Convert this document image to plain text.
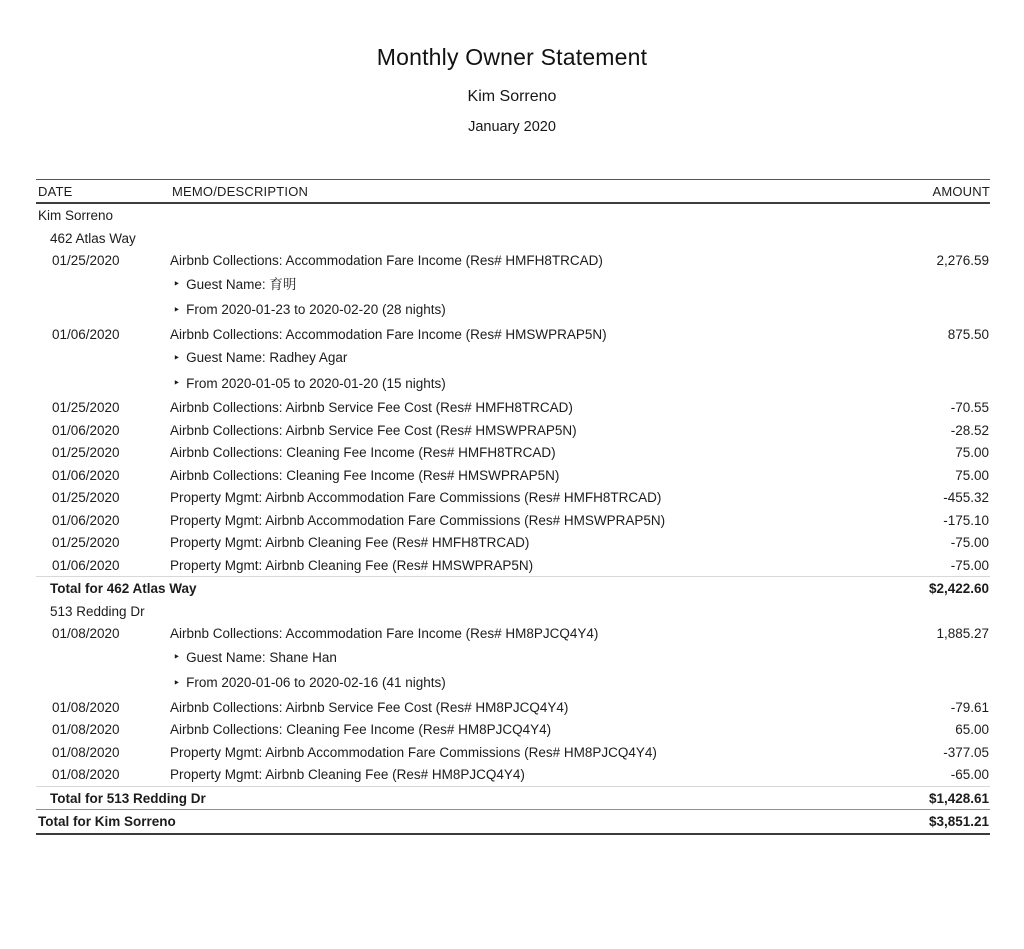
Monthly Owner Statement
Kim Sorreno
January 2020
DATE	MEMO/DESCRIPTION	AMOUNT
Kim Sorreno		
462 Atlas Way		
01/25/2020	Airbnb Collections: Accommodation Fare Income (Res# HMFH8TRCAD)	2,276.59
	‣ Guest Name: 育明	
	‣ From 2020-01-23 to 2020-02-20 (28 nights)	
01/06/2020	Airbnb Collections: Accommodation Fare Income (Res# HMSWPRAP5N)	875.50
	‣ Guest Name: Radhey Agar	
	‣ From 2020-01-05 to 2020-01-20 (15 nights)	
01/25/2020	Airbnb Collections: Airbnb Service Fee Cost (Res# HMFH8TRCAD)	-70.55
01/06/2020	Airbnb Collections: Airbnb Service Fee Cost (Res# HMSWPRAP5N)	-28.52
01/25/2020	Airbnb Collections: Cleaning Fee Income (Res# HMFH8TRCAD)	75.00
01/06/2020	Airbnb Collections: Cleaning Fee Income (Res# HMSWPRAP5N)	75.00
01/25/2020	Property Mgmt: Airbnb Accommodation Fare Commissions (Res# HMFH8TRCAD)	-455.32
01/06/2020	Property Mgmt: Airbnb Accommodation Fare Commissions (Res# HMSWPRAP5N)	-175.10
01/25/2020	Property Mgmt: Airbnb Cleaning Fee (Res# HMFH8TRCAD)	-75.00
01/06/2020	Property Mgmt: Airbnb Cleaning Fee (Res# HMSWPRAP5N)	-75.00
Total for 462 Atlas Way		$2,422.60
513 Redding Dr		
01/08/2020	Airbnb Collections: Accommodation Fare Income (Res# HM8PJCQ4Y4)	1,885.27
	‣ Guest Name: Shane Han	
	‣ From 2020-01-06 to 2020-02-16 (41 nights)	
01/08/2020	Airbnb Collections: Airbnb Service Fee Cost (Res# HM8PJCQ4Y4)	-79.61
01/08/2020	Airbnb Collections: Cleaning Fee Income (Res# HM8PJCQ4Y4)	65.00
01/08/2020	Property Mgmt: Airbnb Accommodation Fare Commissions (Res# HM8PJCQ4Y4)	-377.05
01/08/2020	Property Mgmt: Airbnb Cleaning Fee (Res# HM8PJCQ4Y4)	-65.00
Total for 513 Redding Dr		$1,428.61
Total for Kim Sorreno		$3,851.21
